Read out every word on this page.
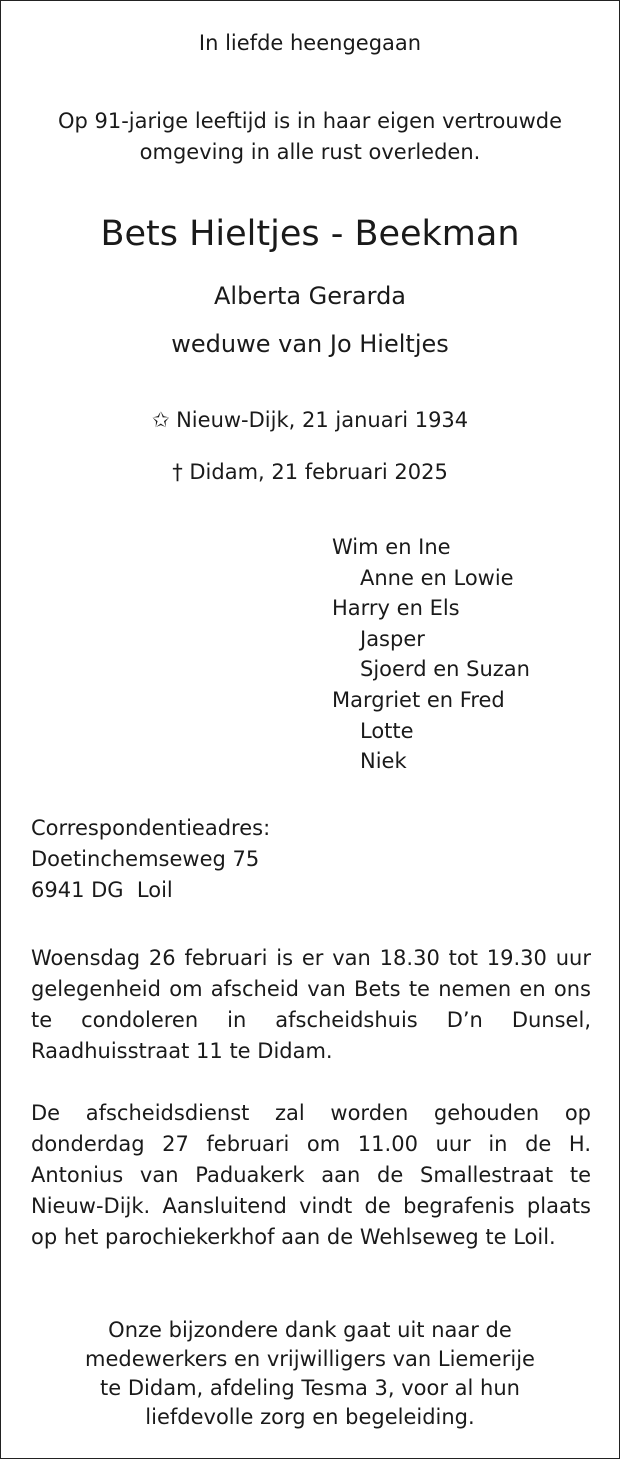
In liefde heengegaan
Op 91-jarige leeftijd is in haar eigen vertrouwde
omgeving in alle rust overleden.
Bets Hieltjes - Beekman
Alberta Gerarda
weduwe van Jo Hieltjes
✩ Nieuw-Dijk, 21 januari 1934
† Didam, 21 februari 2025
Wim en Ine
Anne en Lowie
Harry en Els
Jasper
Sjoerd en Suzan
Margriet en Fred
Lotte
Niek
Correspondentieadres:
Doetinchemseweg 75
6941 DG  Loil
Woensdag 26 februari is er van 18.30 tot 19.30 uur gelegenheid om afscheid van Bets te nemen en ons te condoleren in afscheidshuis D’n Dunsel, Raadhuisstraat 11 te Didam.
De afscheidsdienst zal worden gehouden op donderdag 27 februari om 11.00 uur in de H. Antonius van Paduakerk aan de Smallestraat te Nieuw-Dijk. Aansluitend vindt de begrafenis plaats op het parochiekerkhof aan de Wehlseweg te Loil.
Onze bijzondere dank gaat uit naar de
medewerkers en vrijwilligers van Liemerije
te Didam, afdeling Tesma 3, voor al hun
liefdevolle zorg en begeleiding.
